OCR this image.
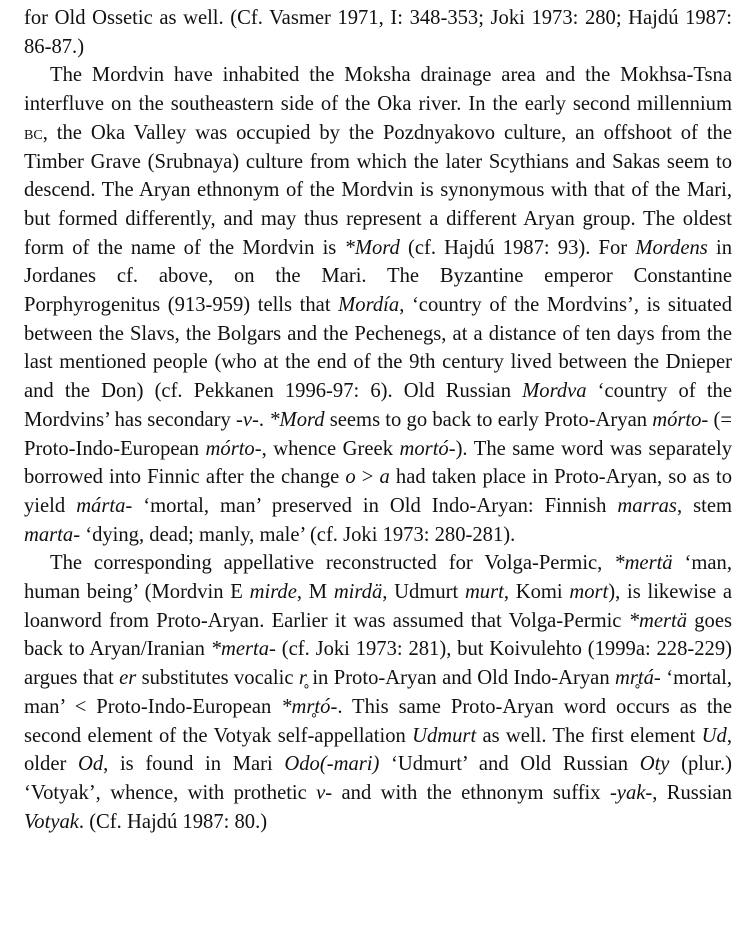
for Old Ossetic as well. (Cf. Vasmer 1971, I: 348-353; Joki 1973: 280; Hajdú 1987: 86-87.)

The Mordvin have inhabited the Moksha drainage area and the Mokhsa-Tsna interfluve on the southeastern side of the Oka river. In the early second millennium bc, the Oka Valley was occupied by the Pozdnyakovo culture, an offshoot of the Timber Grave (Srubnaya) culture from which the later Scythians and Sakas seem to descend. The Aryan ethnonym of the Mordvin is synonymous with that of the Mari, but formed differently, and may thus represent a different Aryan group. The oldest form of the name of the Mordvin is *Mord (cf. Hajdú 1987: 93). For Mordens in Jordanes cf. above, on the Mari. The Byzantine emperor Constantine Porphyrogenitus (913-959) tells that Mordía, ‘country of the Mordvins’, is situated between the Slavs, the Bolgars and the Pechenegs, at a distance of ten days from the last mentioned people (who at the end of the 9th century lived between the Dnieper and the Don) (cf. Pekkanen 1996-97: 6). Old Russian Mordva ‘country of the Mordvins’ has secondary -v-. *Mord seems to go back to early Proto-Aryan mórto- (= Proto-Indo-European mórto-, whence Greek mortó-). The same word was separately borrowed into Finnic after the change o > a had taken place in Proto-Aryan, so as to yield márta- ‘mortal, man’ preserved in Old Indo-Aryan: Finnish marras, stem marta- ‘dying, dead; manly, male’ (cf. Joki 1973: 280-281).

The corresponding appellative reconstructed for Volga-Permic, *mertä ‘man, human being’ (Mordvin E mirde, M mirdä, Udmurt murt, Komi mort), is likewise a loanword from Proto-Aryan. Earlier it was assumed that Volga-Permic *mertä goes back to Aryan/Iranian *merta- (cf. Joki 1973: 281), but Koivulehto (1999a: 228-229) argues that er substitutes vocalic r̥ in Proto-Aryan and Old Indo-Aryan mr̥tá- ‘mortal, man’ < Proto-Indo-European *mr̥tó-. This same Proto-Aryan word occurs as the second element of the Votyak self-appellation Udmurt as well. The first element Ud, older Od, is found in Mari Odo(-mari) ‘Udmurt’ and Old Russian Oty (plur.) ‘Votyak’, whence, with prothetic v- and with the ethnonym suffix -yak-, Russian Votyak. (Cf. Hajdú 1987: 80.)
